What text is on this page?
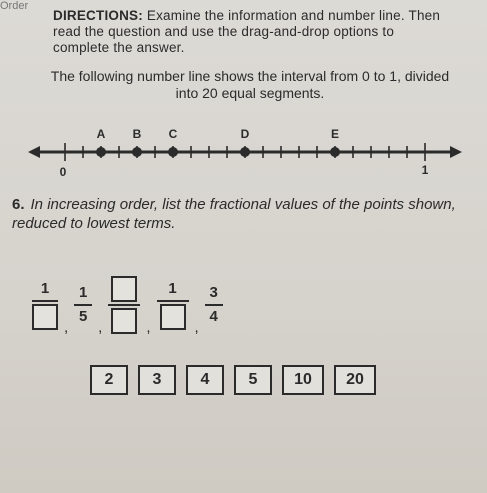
Order
DIRECTIONS: Examine the information and number line. Then read the question and use the drag-and-drop options to complete the answer.
The following number line shows the interval from 0 to 1, divided into 20 equal segments.
0	1
A B C	D	E
6. In increasing order, list the fractional values of the points shown, reduced to lowest terms.
1
,
$\frac{1}{5}$
,	,
1
,
$\frac{3}{4}$
2	3	4	5	10	20
